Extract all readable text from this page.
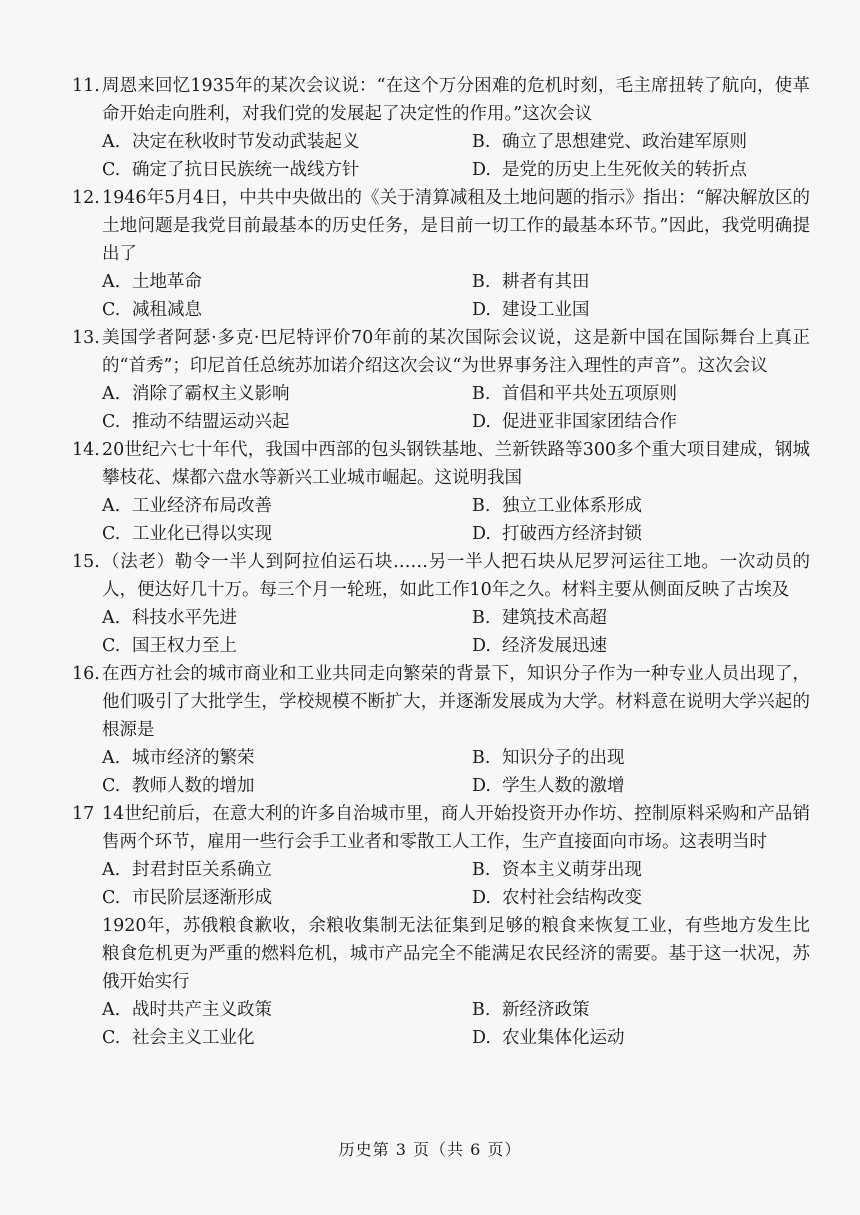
11. 周恩来回忆1935年的某次会议说：“在这个万分困难的危机时刻，毛主席扭转了航向，使革命开始走向胜利，对我们党的发展起了决定性的作用。”这次会议
A. 决定在秋收时节发动武装起义	B. 确立了思想建党、政治建军原则
C. 确定了抗日民族统一战线方针	D. 是党的历史上生死攸关的转折点
12. 1946年5月4日，中共中央做出的《关于清算减租及土地问题的指示》指出：“解决解放区的土地问题是我党目前最基本的历史任务，是目前一切工作的最基本环节。”因此，我党明确提出了
A. 土地革命	B. 耕者有其田
C. 减租减息	D. 建设工业国
13. 美国学者阿瑟·多克·巴尼特评价70年前的某次国际会议说，这是新中国在国际舞台上真正的“首秀”；印尼首任总统苏加诺介绍这次会议“为世界事务注入理性的声音”。这次会议
A. 消除了霸权主义影响	B. 首倡和平共处五项原则
C. 推动不结盟运动兴起	D. 促进亚非国家团结合作
14. 20世纪六七十年代，我国中西部的包头钢铁基地、兰新铁路等300多个重大项目建成，钢城攀枝花、煤都六盘水等新兴工业城市崛起。这说明我国
A. 工业经济布局改善	B. 独立工业体系形成
C. 工业化已得以实现	D. 打破西方经济封锁
15. （法老）勒令一半人到阿拉伯运石块……另一半人把石块从尼罗河运往工地。一次动员的人，便达好几十万。每三个月一轮班，如此工作10年之久。材料主要从侧面反映了古埃及
A. 科技水平先进	B. 建筑技术高超
C. 国王权力至上	D. 经济发展迅速
16. 在西方社会的城市商业和工业共同走向繁荣的背景下，知识分子作为一种专业人员出现了，他们吸引了大批学生，学校规模不断扩大，并逐渐发展成为大学。材料意在说明大学兴起的根源是
A. 城市经济的繁荣	B. 知识分子的出现
C. 教师人数的增加	D. 学生人数的激增
17 14世纪前后，在意大利的许多自治城市里，商人开始投资开办作坊、控制原料采购和产品销售两个环节，雇用一些行会手工业者和零散工人工作，生产直接面向市场。这表明当时
A. 封君封臣关系确立	B. 资本主义萌芽出现
C. 市民阶层逐渐形成	D. 农村社会结构改变
1920年，苏俄粮食歉收，余粮收集制无法征集到足够的粮食来恢复工业，有些地方发生比粮食危机更为严重的燃料危机，城市产品完全不能满足农民经济的需要。基于这一状况，苏俄开始实行
A. 战时共产主义政策	B. 新经济政策
C. 社会主义工业化	D. 农业集体化运动
历史第 3 页（共 6 页）
